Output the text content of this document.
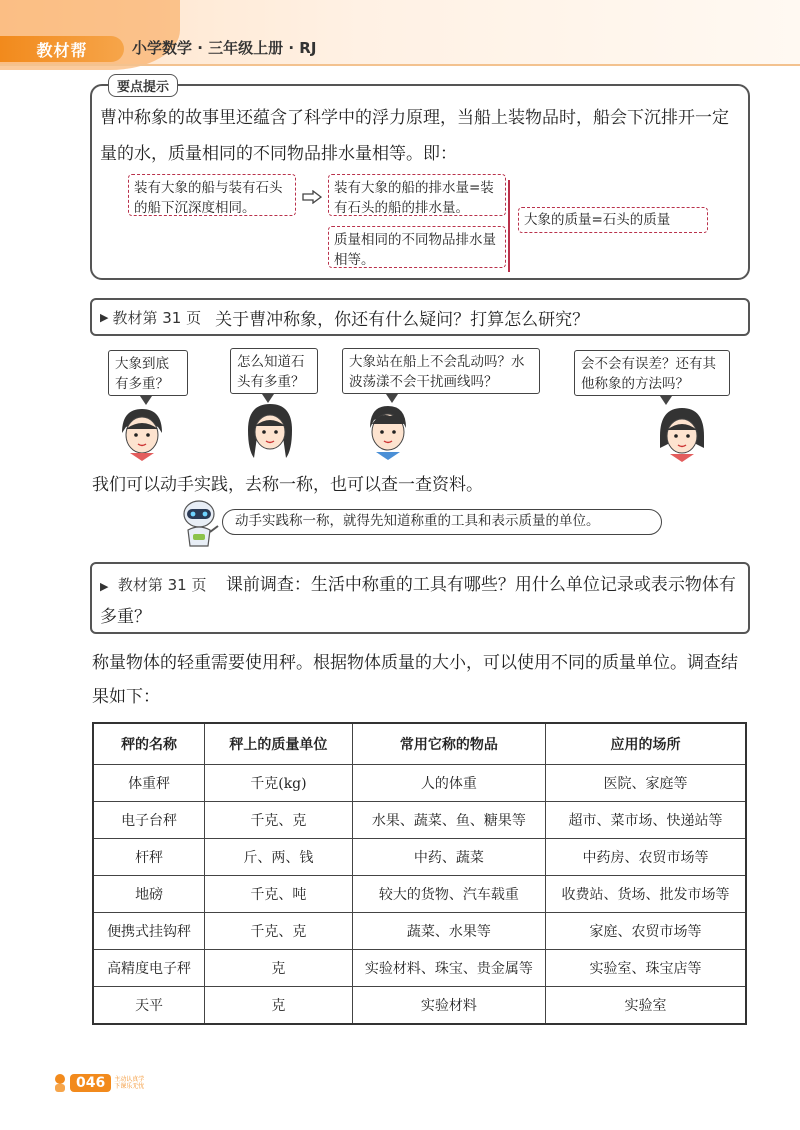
教材帮	小学数学 · 三年级上册 · RJ
要点提示
曹冲称象的故事里还蕴含了科学中的浮力原理，当船上装物品时，船会下沉排开一定量的水，质量相同的不同物品排水量相等。即：
装有大象的船与装有石头的船下沉深度相同。
装有大象的船的排水量=装有石头的船的排水量。
质量相同的不同物品排水量相等。
大象的质量=石头的质量
▶ 教材第 31 页 关于曹冲称象，你还有什么疑问？打算怎么研究？
大象到底有多重？
怎么知道石头有多重？
大象站在船上不会乱动吗？水波荡漾不会干扰画线吗？
会不会有误差？还有其他称象的方法吗？
我们可以动手实践，去称一称，也可以查一查资料。
动手实践称一称，就得先知道称重的工具和表示质量的单位。
▶ 教材第 31 页 课前调查：生活中称重的工具有哪些？用什么单位记录或表示物体有多重？
称量物体的轻重需要使用秤。根据物体质量的大小，可以使用不同的质量单位。调查结果如下：
秤的名称	秤上的质量单位	常用它称的物品	应用的场所
体重秤	千克(kg)	人的体重	医院、家庭等
电子台秤	千克、克	水果、蔬菜、鱼、糖果等	超市、菜市场、快递站等
杆秤	斤、两、钱	中药、蔬菜	中药房、农贸市场等
地磅	千克、吨	较大的货物、汽车载重	收费站、货场、批发市场等
便携式挂钩秤	千克、克	蔬菜、水果等	家庭、农贸市场等
高精度电子秤	克	实验材料、珠宝、贵金属等	实验室、珠宝店等
天平	克	实验材料	实验室
046	主动认真学 下课乐无忧
